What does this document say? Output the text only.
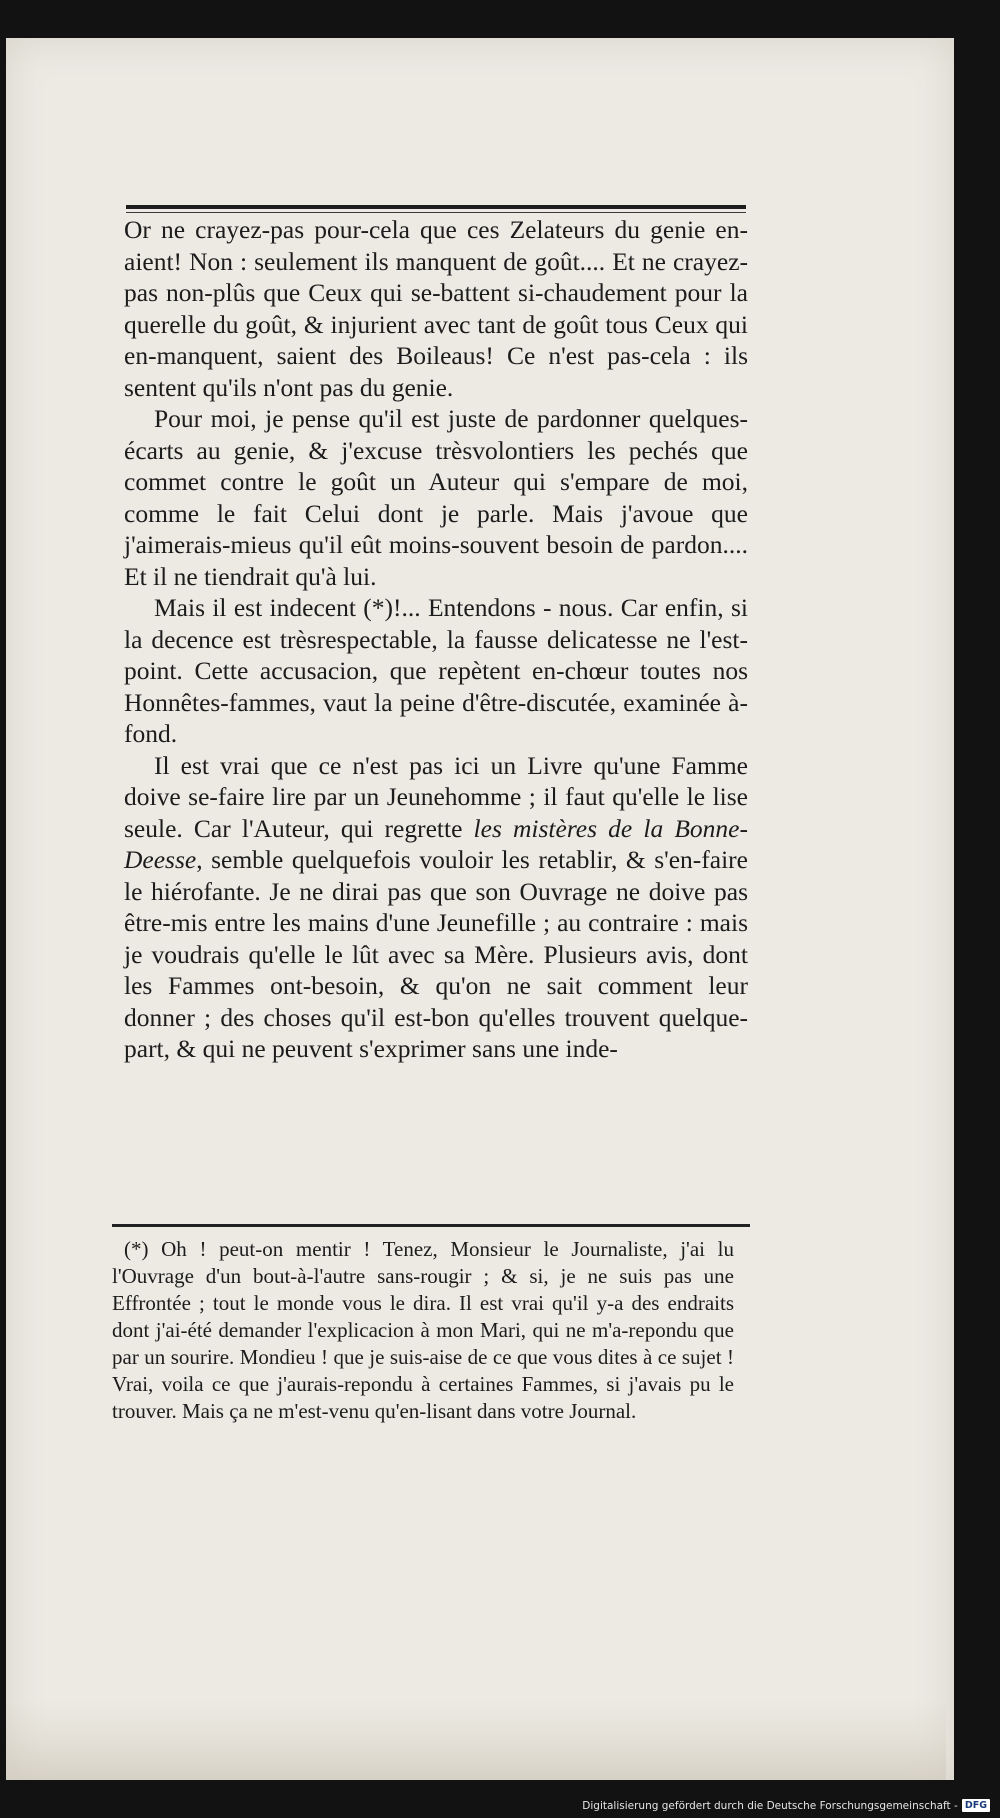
Or ne crayez-pas pour-cela que ces Zelateurs du genie en-aient! Non : seulement ils manquent de goût.... Et ne crayez-pas non-plûs que Ceux qui se-battent si-chaudement pour la querelle du goût, & injurient avec tant de goût tous Ceux qui en-manquent, saient des Boileaus! Ce n'est pas-cela : ils sentent qu'ils n'ont pas du genie.

Pour moi, je pense qu'il est juste de pardonner quelques-écarts au genie, & j'excuse trèsvolontiers les pechés que commet contre le goût un Auteur qui s'empare de moi, comme le fait Celui dont je parle. Mais j'avoue que j'aimerais-mieus qu'il eût moins-souvent besoin de pardon.... Et il ne tiendrait qu'à lui.

Mais il est indecent (*)!... Entendons - nous. Car enfin, si la decence est trèsrespectable, la fausse delicatesse ne l'est-point. Cette accusacion, que repètent en-chœur toutes nos Honnêtes-fammes, vaut la peine d'être-discutée, examinée à-fond.

Il est vrai que ce n'est pas ici un Livre qu'une Famme doive se-faire lire par un Jeunehomme ; il faut qu'elle le lise seule. Car l'Auteur, qui regrette les mistères de la Bonne-Deesse, semble quelquefois vouloir les retablir, & s'en-faire le hiérofante. Je ne dirai pas que son Ouvrage ne doive pas être-mis entre les mains d'une Jeunefille ; au contraire : mais je voudrais qu'elle le lût avec sa Mère. Plusieurs avis, dont les Fammes ont-besoin, & qu'on ne sait comment leur donner ; des choses qu'il est-bon qu'elles trouvent quelque-part, & qui ne peuvent s'exprimer sans une inde-

(*) Oh ! peut-on mentir ! Tenez, Monsieur le Journaliste, j'ai lu l'Ouvrage d'un bout-à-l'autre sans-rougir ; & si, je ne suis pas une Effrontée ; tout le monde vous le dira. Il est vrai qu'il y-a des endraits dont j'ai-été demander l'explicacion à mon Mari, qui ne m'a-repondu que par un sourire. Mondieu ! que je suis-aise de ce que vous dites à ce sujet ! Vrai, voila ce que j'aurais-repondu à certaines Fammes, si j'avais pu le trouver. Mais ça ne m'est-venu qu'en-lisant dans votre Journal.

Digitalisierung gefördert durch die Deutsche Forschungsgemeinschaft - DFG
